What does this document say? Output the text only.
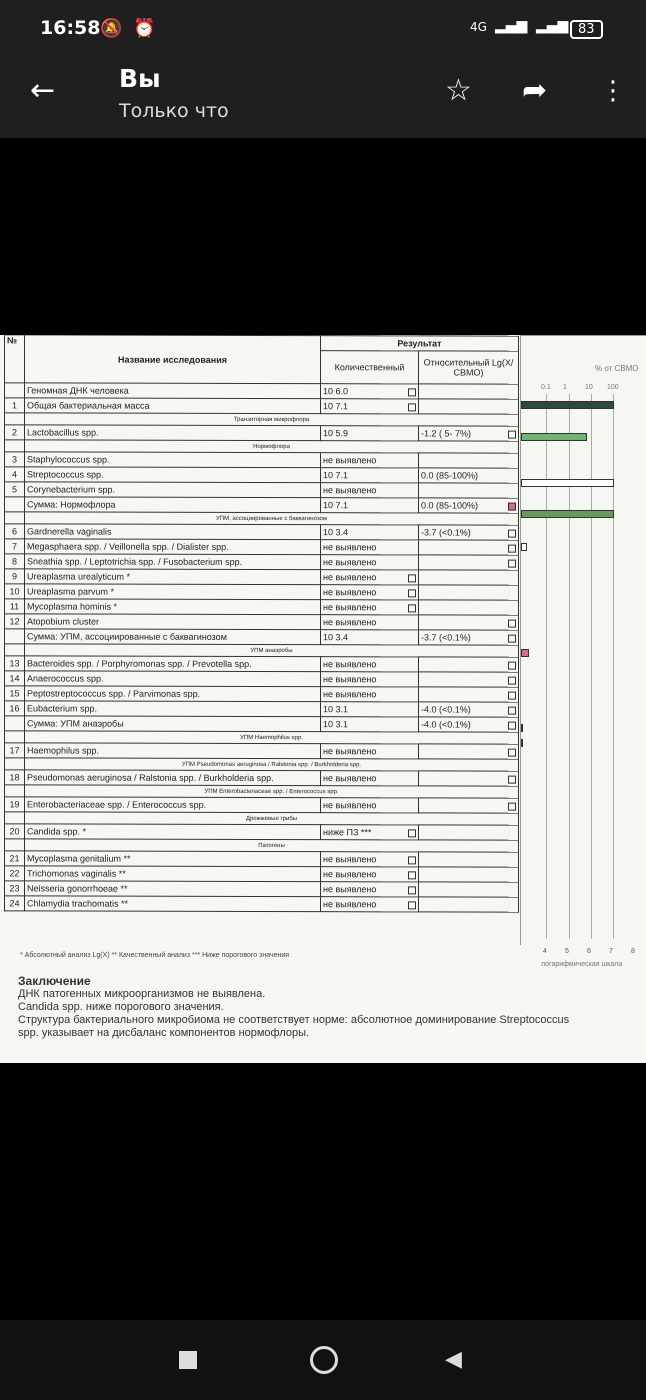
16:58 🔕 ⏰	4G ▂▄▆ ▂▄▆ 83
←	Вы
Только что
☆ ➦ ⋮
№	Название исследования	Результат	
		Количественный	Относительный Lg(X/СВМО)
	Геномная ДНК человека	10 6.0

1	Общая бактериальная масса	10 7.1

	Транзиторная микрофлора		
2	Lactobacillus spp.	10 5.9	-1.2 ( 5- 7%)

	Нормофлора		
3	Staphylococcus spp.	не выявлено	
4	Streptococcus spp.	10 7.1	0.0 (85-100%)
5	Corynebacterium spp.	не выявлено	
	Сумма: Нормофлора	10 7.1	0.0 (85-100%)

	УПМ, ассоциированные с баквагинозом		
6	Gardnerella vaginalis	10 3.4	-3.7 (<0.1%)

7	Megasphaera spp. / Veillonella spp. / Dialister spp.	не выявлено	

8	Sneathia spp. / Leptotrichia spp. / Fusobacterium spp.	не выявлено	

9	Ureaplasma urealyticum *	не выявлено

10	Ureaplasma parvum *	не выявлено

11	Mycoplasma hominis *	не выявлено

12	Atopobium cluster	не выявлено	

	Сумма: УПМ, ассоциированные с баквагинозом	10 3.4	-3.7 (<0.1%)

	УПМ анаэробы		
13	Bacteroides spp. / Porphyromonas spp. / Prevotella spp.	не выявлено	

14	Anaerococcus spp.	не выявлено	

15	Peptostreptococcus spp. / Parvimonas spp.	не выявлено	

16	Eubacterium spp.	10 3.1	-4.0 (<0.1%)

	Сумма: УПМ анаэробы	10 3.1	-4.0 (<0.1%)

	УПМ Haemophilus spp.		
17	Haemophilus spp.	не выявлено	

	УПМ Pseudomonas aeruginosa / Ralstonia spp. / Burkholderia spp.		
18	Pseudomonas aeruginosa / Ralstonia spp. / Burkholderia spp.	не выявлено	

	УПМ Enterobacteriaceae spp. / Enterococcus spp.		
19	Enterobacteriaceae spp. / Enterococcus spp.	не выявлено	

	Дрожжевые грибы		
20	Candida spp. *	ниже ПЗ ***

	Патогены		
21	Mycoplasma genitalium **	не выявлено

22	Trichomonas vaginalis **	не выявлено

23	Neisseria gonorrhoeae **	не выявлено

24	Chlamydia trachomatis **	не выявлено

% от СВМО
0.1 1	10 100
4	5	6	7	8
логарифмическая шкала
* Абсолютный анализ Lg(X) ** Качественный анализ *** Ниже порогового значения
Заключение
ДНК патогенных микроорганизмов не выявлена.
Candida spp. ниже порогового значения.
Структура бактериального микробиома не соответствует норме: абсолютное доминирование Streptococcus
spp. указывает на дисбаланс компонентов нормофлоры.
◀
